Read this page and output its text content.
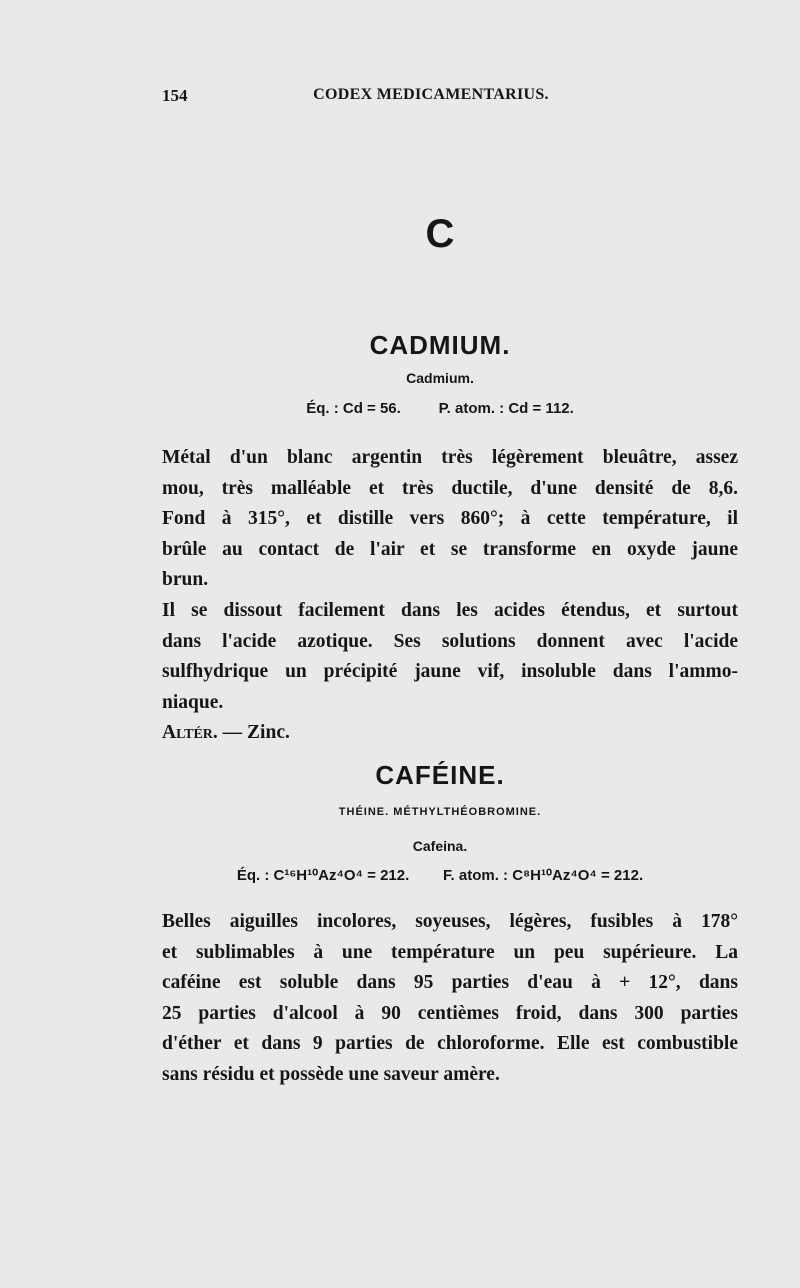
154	CODEX MEDICAMENTARIUS.
C
CADMIUM.
Cadmium.
Éq. : Cd = 56.	P. atom. : Cd = 112.
Métal d'un blanc argentin très légèrement bleuâtre, assez
mou, très malléable et très ductile, d'une densité de 8,6.
Fond à 315°, et distille vers 860°; à cette température, il
brûle au contact de l'air et se transforme en oxyde jaune
brun.
Il se dissout facilement dans les acides étendus, et surtout
dans l'acide azotique. Ses solutions donnent avec l'acide
sulfhydrique un précipité jaune vif, insoluble dans l'ammo-
niaque.
Altér. — Zinc.
CAFÉINE.
THÉINE. MÉTHYLTHÉOBROMINE.
Cafeina.
Éq. : C¹⁶H¹⁰Az⁴O⁴ = 212. F. atom. : C⁸H¹⁰Az⁴O⁴ = 212.
Belles aiguilles incolores, soyeuses, légères, fusibles à 178°
et sublimables à une température un peu supérieure. La
caféine est soluble dans 95 parties d'eau à + 12°, dans
25 parties d'alcool à 90 centièmes froid, dans 300 parties
d'éther et dans 9 parties de chloroforme. Elle est combustible
sans résidu et possède une saveur amère.
